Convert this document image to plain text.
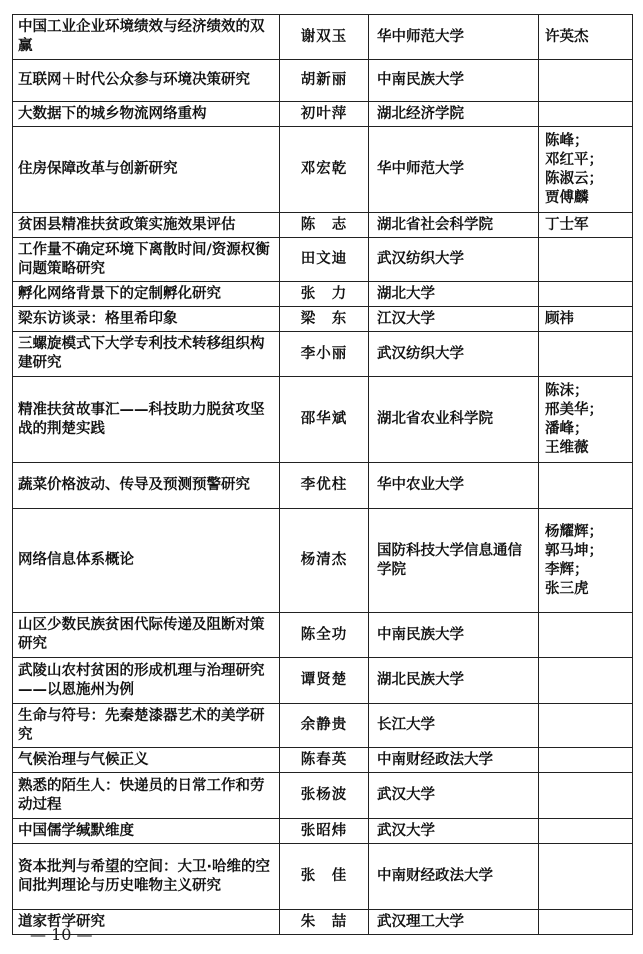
中国工业企业环境绩效与经济绩效的双赢	谢双玉	华中师范大学	许英杰

互联网＋时代公众参与环境决策研究	胡新丽	中南民族大学	
大数据下的城乡物流网络重构	初叶萍	湖北经济学院	
住房保障改革与创新研究	邓宏乾	华中师范大学	陈峰；
邓红平；
陈淑云；
贾傅麟

贫困县精准扶贫政策实施效果评估	陈　志	湖北省社会科学院	丁士军

工作量不确定环境下离散时间/资源权衡问题策略研究	田文迪	武汉纺织大学	
孵化网络背景下的定制孵化研究	张　力	湖北大学	
梁东访谈录：格里希印象	梁　东	江汉大学	顾祎

三螺旋模式下大学专利技术转移组织构建研究	李小丽	武汉纺织大学	
精准扶贫故事汇——科技助力脱贫攻坚战的荆楚实践	邵华斌	湖北省农业科学院	陈沫；
邢美华；
潘峰；
王维薇

蔬菜价格波动、传导及预测预警研究	李优柱	华中农业大学	
网络信息体系概论	杨清杰	国防科技大学信息通信学院	杨耀辉；
郭马坤；
李辉；
张三虎

山区少数民族贫困代际传递及阻断对策研究	陈全功	中南民族大学	
武陵山农村贫困的形成机理与治理研究——以恩施州为例	谭贤楚	湖北民族大学	
生命与符号：先秦楚漆器艺术的美学研究	余静贵	长江大学	
气候治理与气候正义	陈春英	中南财经政法大学	
熟悉的陌生人：快递员的日常工作和劳动过程	张杨波	武汉大学	
中国儒学缄默维度	张昭炜	武汉大学	
资本批判与希望的空间：大卫·哈维的空间批判理论与历史唯物主义研究	张　佳	中南财经政法大学	
道家哲学研究	朱　喆	武汉理工大学	
— 10 —
